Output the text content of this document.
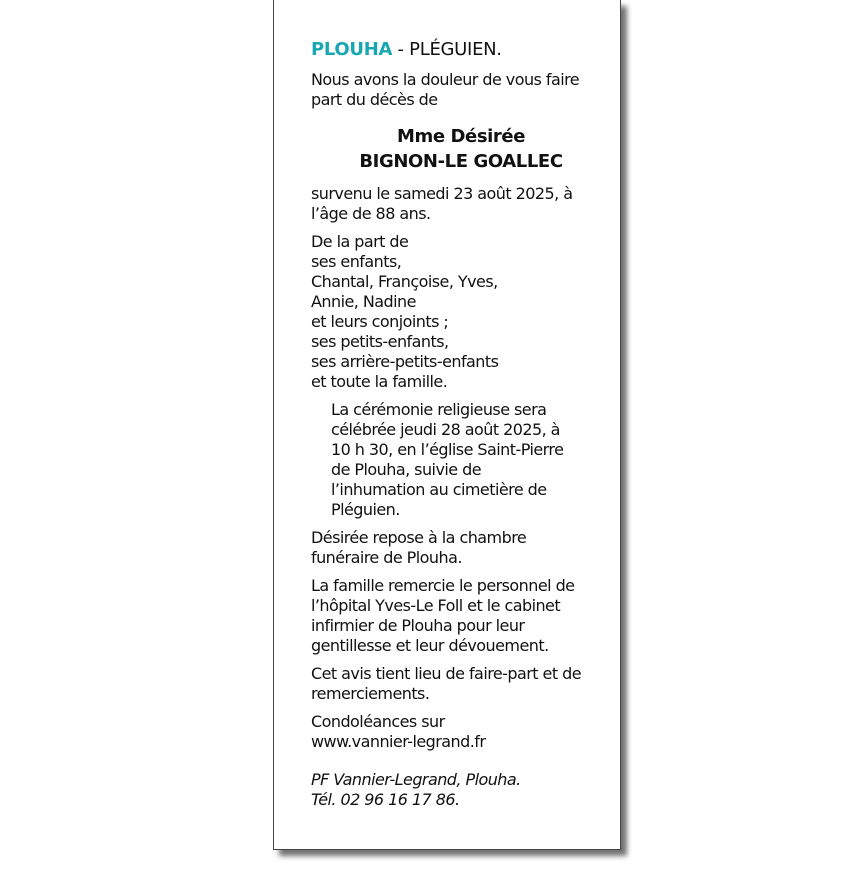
PLOUHA - PLÉGUIEN.
Nous avons la douleur de vous faire
part du décès de
Mme Désirée
BIGNON-LE GOALLEC
survenu le samedi 23 août 2025, à
l’âge de 88 ans.
De la part de
ses enfants,
Chantal, Françoise, Yves,
Annie, Nadine
et leurs conjoints ;
ses petits-enfants,
ses arrière-petits-enfants
et toute la famille.
La cérémonie religieuse sera
célébrée jeudi 28 août 2025, à
10 h 30, en l’église Saint-Pierre
de Plouha, suivie de
l’inhumation au cimetière de
Pléguien.
Désirée repose à la chambre
funéraire de Plouha.
La famille remercie le personnel de
l’hôpital Yves-Le Foll et le cabinet
infirmier de Plouha pour leur
gentillesse et leur dévouement.
Cet avis tient lieu de faire-part et de
remerciements.
Condoléances sur
www.vannier-legrand.fr
PF Vannier-Legrand, Plouha.
Tél. 02 96 16 17 86.
